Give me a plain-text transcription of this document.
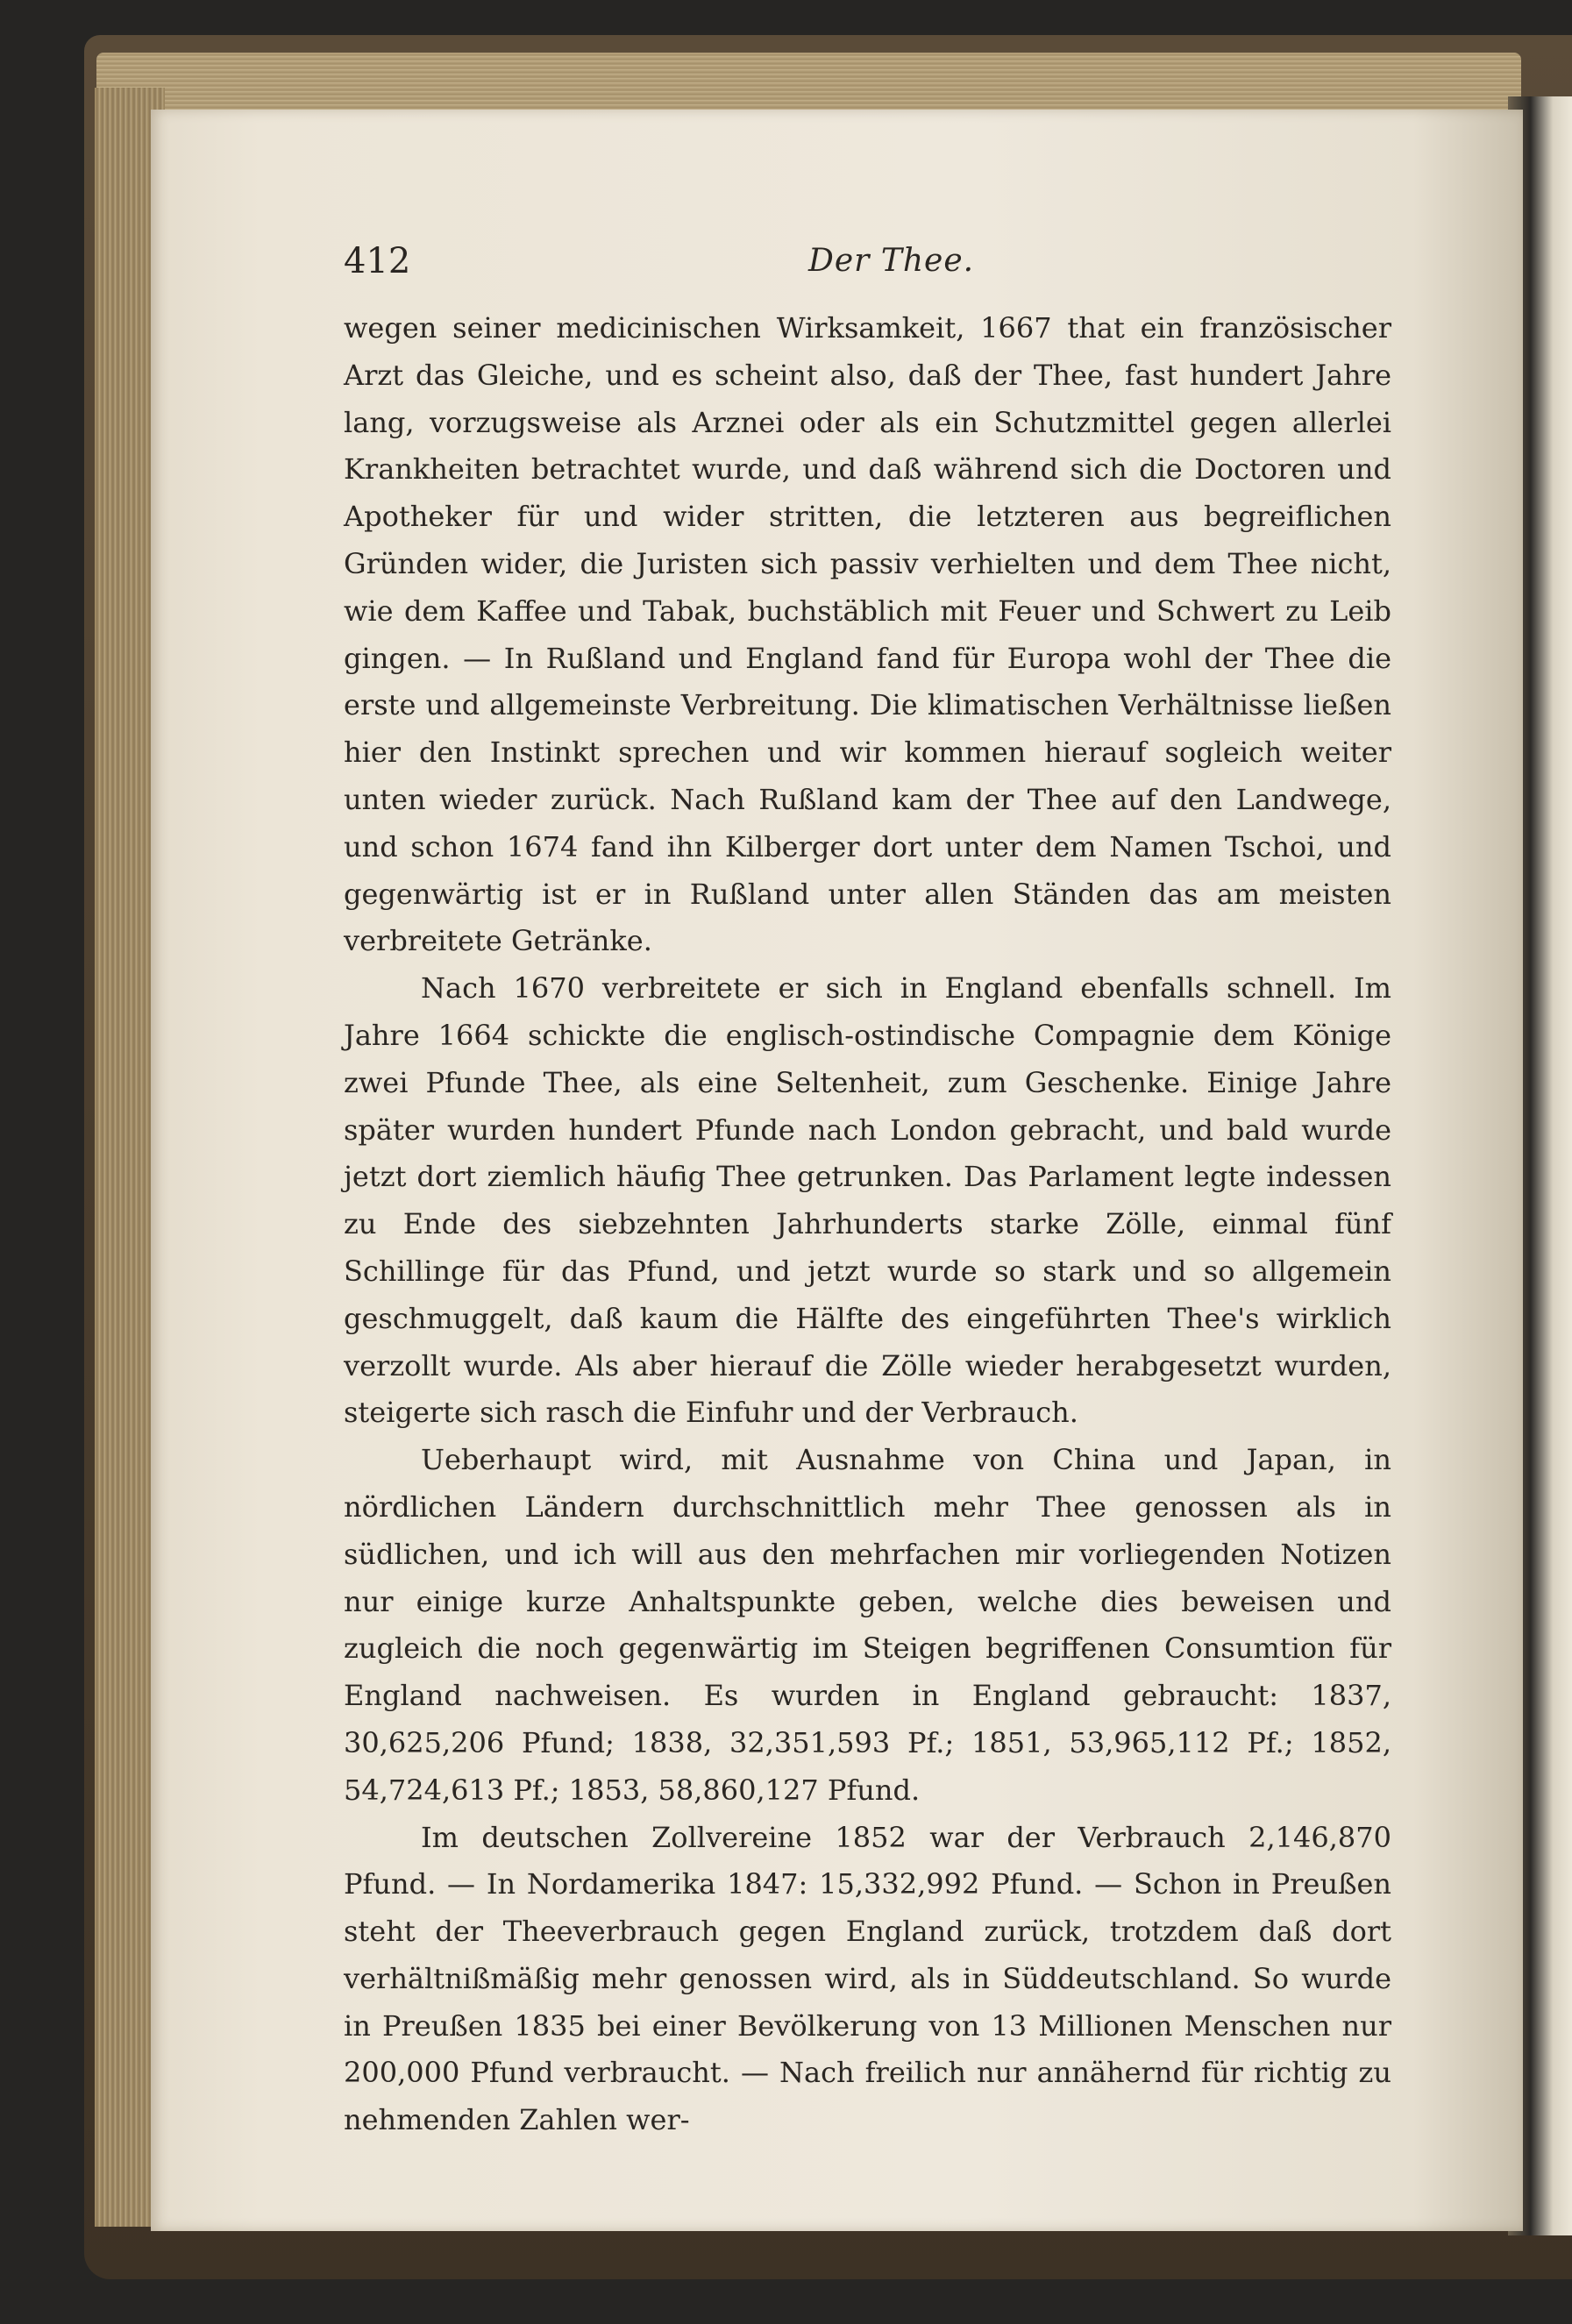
412	Der Thee.

wegen seiner medicinischen Wirksamkeit, 1667 that ein französischer Arzt das Gleiche, und es scheint also, daß der Thee, fast hundert Jahre lang, vorzugsweise als Arznei oder als ein Schutzmittel gegen allerlei Krankheiten betrachtet wurde, und daß während sich die Doctoren und Apotheker für und wider stritten, die letzteren aus begreiflichen Gründen wider, die Juristen sich passiv verhielten und dem Thee nicht, wie dem Kaffee und Tabak, buchstäblich mit Feuer und Schwert zu Leib gingen. — In Rußland und England fand für Europa wohl der Thee die erste und allgemeinste Verbreitung. Die klimatischen Verhältnisse ließen hier den Instinkt sprechen und wir kommen hierauf sogleich weiter unten wieder zurück. Nach Rußland kam der Thee auf den Landwege, und schon 1674 fand ihn Kilberger dort unter dem Namen Tschoi, und gegenwärtig ist er in Rußland unter allen Ständen das am meisten verbreitete Getränke.

Nach 1670 verbreitete er sich in England ebenfalls schnell. Im Jahre 1664 schickte die englisch-ostindische Compagnie dem Könige zwei Pfunde Thee, als eine Seltenheit, zum Geschenke. Einige Jahre später wurden hundert Pfunde nach London gebracht, und bald wurde jetzt dort ziemlich häufig Thee getrunken. Das Parlament legte indessen zu Ende des siebzehnten Jahrhunderts starke Zölle, einmal fünf Schillinge für das Pfund, und jetzt wurde so stark und so allgemein geschmuggelt, daß kaum die Hälfte des eingeführten Thee's wirklich verzollt wurde. Als aber hierauf die Zölle wieder herabgesetzt wurden, steigerte sich rasch die Einfuhr und der Verbrauch.

Ueberhaupt wird, mit Ausnahme von China und Japan, in nördlichen Ländern durchschnittlich mehr Thee genossen als in südlichen, und ich will aus den mehrfachen mir vorliegenden Notizen nur einige kurze Anhaltspunkte geben, welche dies beweisen und zugleich die noch gegenwärtig im Steigen begriffenen Consumtion für England nachweisen. Es wurden in England gebraucht: 1837, 30,625,206 Pfund; 1838, 32,351,593 Pf.; 1851, 53,965,112 Pf.; 1852, 54,724,613 Pf.; 1853, 58,860,127 Pfund.

Im deutschen Zollvereine 1852 war der Verbrauch 2,146,870 Pfund. — In Nordamerika 1847: 15,332,992 Pfund. — Schon in Preußen steht der Theeverbrauch gegen England zurück, trotzdem daß dort verhältnißmäßig mehr genossen wird, als in Süddeutschland. So wurde in Preußen 1835 bei einer Bevölkerung von 13 Millionen Menschen nur 200,000 Pfund verbraucht. — Nach freilich nur annähernd für richtig zu nehmenden Zahlen wer-
